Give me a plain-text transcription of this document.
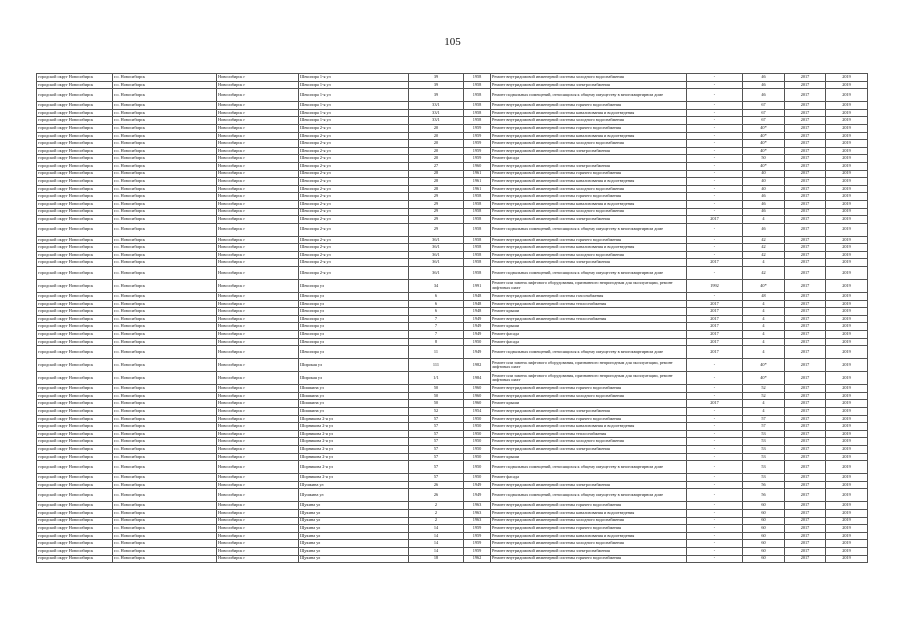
105
городской округ Новосибирск	г.о. Новосибирск	Новосибирск г	Шекспира 1-я ул	39	1958	Ремонт внутридомовой инженерной системы холодного водоснабжения	-	46	2017	2019
городской округ Новосибирск	г.о. Новосибирск	Новосибирск г	Шекспира 1-я ул	39	1958	Ремонт внутридомовой инженерной системы электроснабжения	-	46	2017	2019
городской округ Новосибирск	г.о. Новосибирск	Новосибирск г	Шекспира 1-я ул	39	1958	Ремонт подвальных помещений, относящихся к общему имуществу в многоквартирном доме	-	46	2017	2019
городской округ Новосибирск	г.о. Новосибирск	Новосибирск г	Шекспира 1-я ул	33/1	1958	Ремонт внутридомовой инженерной системы горячего водоснабжения	-	67	2017	2019
городской округ Новосибирск	г.о. Новосибирск	Новосибирск г	Шекспира 1-я ул	33/1	1958	Ремонт внутридомовой инженерной системы канализования и водоотведения	-	67	2017	2019
городской округ Новосибирск	г.о. Новосибирск	Новосибирск г	Шекспира 1-я ул	33/1	1958	Ремонт внутридомовой инженерной системы холодного водоснабжения	-	67	2017	2019
городской округ Новосибирск	г.о. Новосибирск	Новосибирск г	Шекспира 2-я ул	20	1959	Ремонт внутридомовой инженерной системы горячего водоснабжения	-	40*	2017	2019
городской округ Новосибирск	г.о. Новосибирск	Новосибирск г	Шекспира 2-я ул	20	1959	Ремонт внутридомовой инженерной системы канализования и водоотведения	-	40*	2017	2019
городской округ Новосибирск	г.о. Новосибирск	Новосибирск г	Шекспира 2-я ул	20	1959	Ремонт внутридомовой инженерной системы холодного водоснабжения	-	40*	2017	2019
городской округ Новосибирск	г.о. Новосибирск	Новосибирск г	Шекспира 2-я ул	20	1959	Ремонт внутридомовой инженерной системы электроснабжения	-	40*	2017	2019
городской округ Новосибирск	г.о. Новосибирск	Новосибирск г	Шекспира 2-я ул	20	1959	Ремонт фасада	-	50	2017	2019
городской округ Новосибирск	г.о. Новосибирск	Новосибирск г	Шекспира 2-я ул	27	1960	Ремонт внутридомовой инженерной системы электроснабжения	-	40*	2017	2019
городской округ Новосибирск	г.о. Новосибирск	Новосибирск г	Шекспира 2-я ул	28	1961	Ремонт внутридомовой инженерной системы горячего водоснабжения	-	40	2017	2019
городской округ Новосибирск	г.о. Новосибирск	Новосибирск г	Шекспира 2-я ул	28	1961	Ремонт внутридомовой инженерной системы канализования и водоотведения	-	40	2017	2019
городской округ Новосибирск	г.о. Новосибирск	Новосибирск г	Шекспира 2-я ул	28	1961	Ремонт внутридомовой инженерной системы холодного водоснабжения	-	40	2017	2019
городской округ Новосибирск	г.о. Новосибирск	Новосибирск г	Шекспира 2-я ул	29	1958	Ремонт внутридомовой инженерной системы горячего водоснабжения	-	46	2017	2019
городской округ Новосибирск	г.о. Новосибирск	Новосибирск г	Шекспира 2-я ул	29	1958	Ремонт внутридомовой инженерной системы канализования и водоотведения	-	46	2017	2019
городской округ Новосибирск	г.о. Новосибирск	Новосибирск г	Шекспира 2-я ул	29	1958	Ремонт внутридомовой инженерной системы холодного водоснабжения	-	46	2017	2019
городской округ Новосибирск	г.о. Новосибирск	Новосибирск г	Шекспира 2-я ул	29	1958	Ремонт внутридомовой инженерной системы электроснабжения	2017	4	2017	2019
городской округ Новосибирск	г.о. Новосибирск	Новосибирск г	Шекспира 2-я ул	29	1958	Ремонт подвальных помещений, относящихся к общему имуществу в многоквартирном доме	-	46	2017	2019
городской округ Новосибирск	г.о. Новосибирск	Новосибирск г	Шекспира 2-я ул	36/1	1958	Ремонт внутридомовой инженерной системы горячего водоснабжения	-	42	2017	2019
городской округ Новосибирск	г.о. Новосибирск	Новосибирск г	Шекспира 2-я ул	36/1	1958	Ремонт внутридомовой инженерной системы канализования и водоотведения	-	42	2017	2019
городской округ Новосибирск	г.о. Новосибирск	Новосибирск г	Шекспира 2-я ул	36/1	1958	Ремонт внутридомовой инженерной системы холодного водоснабжения	-	42	2017	2019
городской округ Новосибирск	г.о. Новосибирск	Новосибирск г	Шекспира 2-я ул	36/1	1958	Ремонт внутридомовой инженерной системы электроснабжения	2017	4	2017	2019
городской округ Новосибирск	г.о. Новосибирск	Новосибирск г	Шекспира 2-я ул	36/1	1958	Ремонт подвальных помещений, относящихся к общему имуществу в многоквартирном доме	-	42	2017	2019
городской округ Новосибирск	г.о. Новосибирск	Новосибирск г	Шекспира ул	34	1991	Ремонт или замена лифтового оборудования, признанного непригодным для эксплуатации, ремонт лифтовых шахт	1992	40*	2017	2019
городской округ Новосибирск	г.о. Новосибирск	Новосибирск г	Шекспира ул	6	1948	Ремонт внутридомовой инженерной системы газоснабжения	-	48	2017	2019
городской округ Новосибирск	г.о. Новосибирск	Новосибирск г	Шекспира ул	6	1948	Ремонт внутридомовой инженерной системы теплоснабжения	2017	4	2017	2019
городской округ Новосибирск	г.о. Новосибирск	Новосибирск г	Шекспира ул	6	1948	Ремонт крыши	2017	4	2017	2019
городской округ Новосибирск	г.о. Новосибирск	Новосибирск г	Шекспира ул	7	1949	Ремонт внутридомовой инженерной системы теплоснабжения	2017	4	2017	2019
городской округ Новосибирск	г.о. Новосибирск	Новосибирск г	Шекспира ул	7	1949	Ремонт крыши	2017	4	2017	2019
городской округ Новосибирск	г.о. Новосибирск	Новосибирск г	Шекспира ул	7	1949	Ремонт фасада	2017	4	2017	2019
городской округ Новосибирск	г.о. Новосибирск	Новосибирск г	Шекспира ул	8	1950	Ремонт фасада	2017	4	2017	2019
городской округ Новосибирск	г.о. Новосибирск	Новосибирск г	Шекспира ул	11	1949	Ремонт подвальных помещений, относящихся к общему имуществу в многоквартирном доме	2017	4	2017	2019
городской округ Новосибирск	г.о. Новосибирск	Новосибирск г	Широкая ул	111	1982	Ремонт или замена лифтового оборудования, признанного непригодным для эксплуатации, ремонт лифтовых шахт	-	40*	2017	2019
городской округ Новосибирск	г.о. Новосибирск	Новосибирск г	Широкая ул	1/1	1984	Ремонт или замена лифтового оборудования, признанного непригодным для эксплуатации, ремонт лифтовых шахт	-	40*	2017	2019
городской округ Новосибирск	г.о. Новосибирск	Новосибирск г	Шишкина ул	50	1960	Ремонт внутридомовой инженерной системы горячего водоснабжения	-	52	2017	2019
городской округ Новосибирск	г.о. Новосибирск	Новосибирск г	Шишкина ул	50	1960	Ремонт внутридомовой инженерной системы холодного водоснабжения	-	52	2017	2019
городской округ Новосибирск	г.о. Новосибирск	Новосибирск г	Шишкина ул	50	1960	Ремонт крыши	2017	4	2017	2019
городской округ Новосибирск	г.о. Новосибирск	Новосибирск г	Шишкина ул	52	1954	Ремонт внутридомовой инженерной системы электроснабжения	-	4	2017	2019
городской округ Новосибирск	г.о. Новосибирск	Новосибирск г	Шорникова 2-я ул	57	1950	Ремонт внутридомовой инженерной системы горячего водоснабжения	-	57	2017	2019
городской округ Новосибирск	г.о. Новосибирск	Новосибирск г	Шорникова 2-я ул	57	1950	Ремонт внутридомовой инженерной системы канализования и водоотведения	-	57	2017	2019
городской округ Новосибирск	г.о. Новосибирск	Новосибирск г	Шорникова 2-я ул	57	1950	Ремонт внутридомовой инженерной системы теплоснабжения	-	53	2017	2019
городской округ Новосибирск	г.о. Новосибирск	Новосибирск г	Шорникова 2-я ул	57	1950	Ремонт внутридомовой инженерной системы холодного водоснабжения	-	53	2017	2019
городской округ Новосибирск	г.о. Новосибирск	Новосибирск г	Шорникова 2-я ул	57	1950	Ремонт внутридомовой инженерной системы электроснабжения	-	53	2017	2019
городской округ Новосибирск	г.о. Новосибирск	Новосибирск г	Шорникова 2-я ул	57	1950	Ремонт крыши	-	53	2017	2019
городской округ Новосибирск	г.о. Новосибирск	Новосибирск г	Шорникова 2-я ул	57	1950	Ремонт подвальных помещений, относящихся к общему имуществу в многоквартирном доме	-	53	2017	2019
городской округ Новосибирск	г.о. Новосибирск	Новосибирск г	Шорникова 2-я ул	57	1950	Ремонт фасада	-	53	2017	2019
городской округ Новосибирск	г.о. Новосибирск	Новосибирск г	Шушкина ул	26	1949	Ремонт внутридомовой инженерной системы электроснабжения	-	56	2017	2019
городской округ Новосибирск	г.о. Новосибирск	Новосибирск г	Шушкина ул	26	1949	Ремонт подвальных помещений, относящихся к общему имуществу в многоквартирном доме	-	56	2017	2019
городской округ Новосибирск	г.о. Новосибирск	Новосибирск г	Щукина ул	2	1963	Ремонт внутридомовой инженерной системы горячего водоснабжения	-	60	2017	2019
городской округ Новосибирск	г.о. Новосибирск	Новосибирск г	Щукина ул	2	1963	Ремонт внутридомовой инженерной системы канализования и водоотведения	-	60	2017	2019
городской округ Новосибирск	г.о. Новосибирск	Новосибирск г	Щукина ул	2	1963	Ремонт внутридомовой инженерной системы холодного водоснабжения	-	60	2017	2019
городской округ Новосибирск	г.о. Новосибирск	Новосибирск г	Щукина ул	14	1959	Ремонт внутридомовой инженерной системы горячего водоснабжения	-	60	2017	2019
городской округ Новосибирск	г.о. Новосибирск	Новосибирск г	Щукина ул	14	1959	Ремонт внутридомовой инженерной системы канализования и водоотведения	-	60	2017	2019
городской округ Новосибирск	г.о. Новосибирск	Новосибирск г	Щукина ул	14	1959	Ремонт внутридомовой инженерной системы холодного водоснабжения	-	60	2017	2019
городской округ Новосибирск	г.о. Новосибирск	Новосибирск г	Щукина ул	14	1959	Ремонт внутридомовой инженерной системы электроснабжения	-	60	2017	2019
городской округ Новосибирск	г.о. Новосибирск	Новосибирск г	Щукина ул	18	1962	Ремонт внутридомовой инженерной системы горячего водоснабжения	-	60	2017	2019
